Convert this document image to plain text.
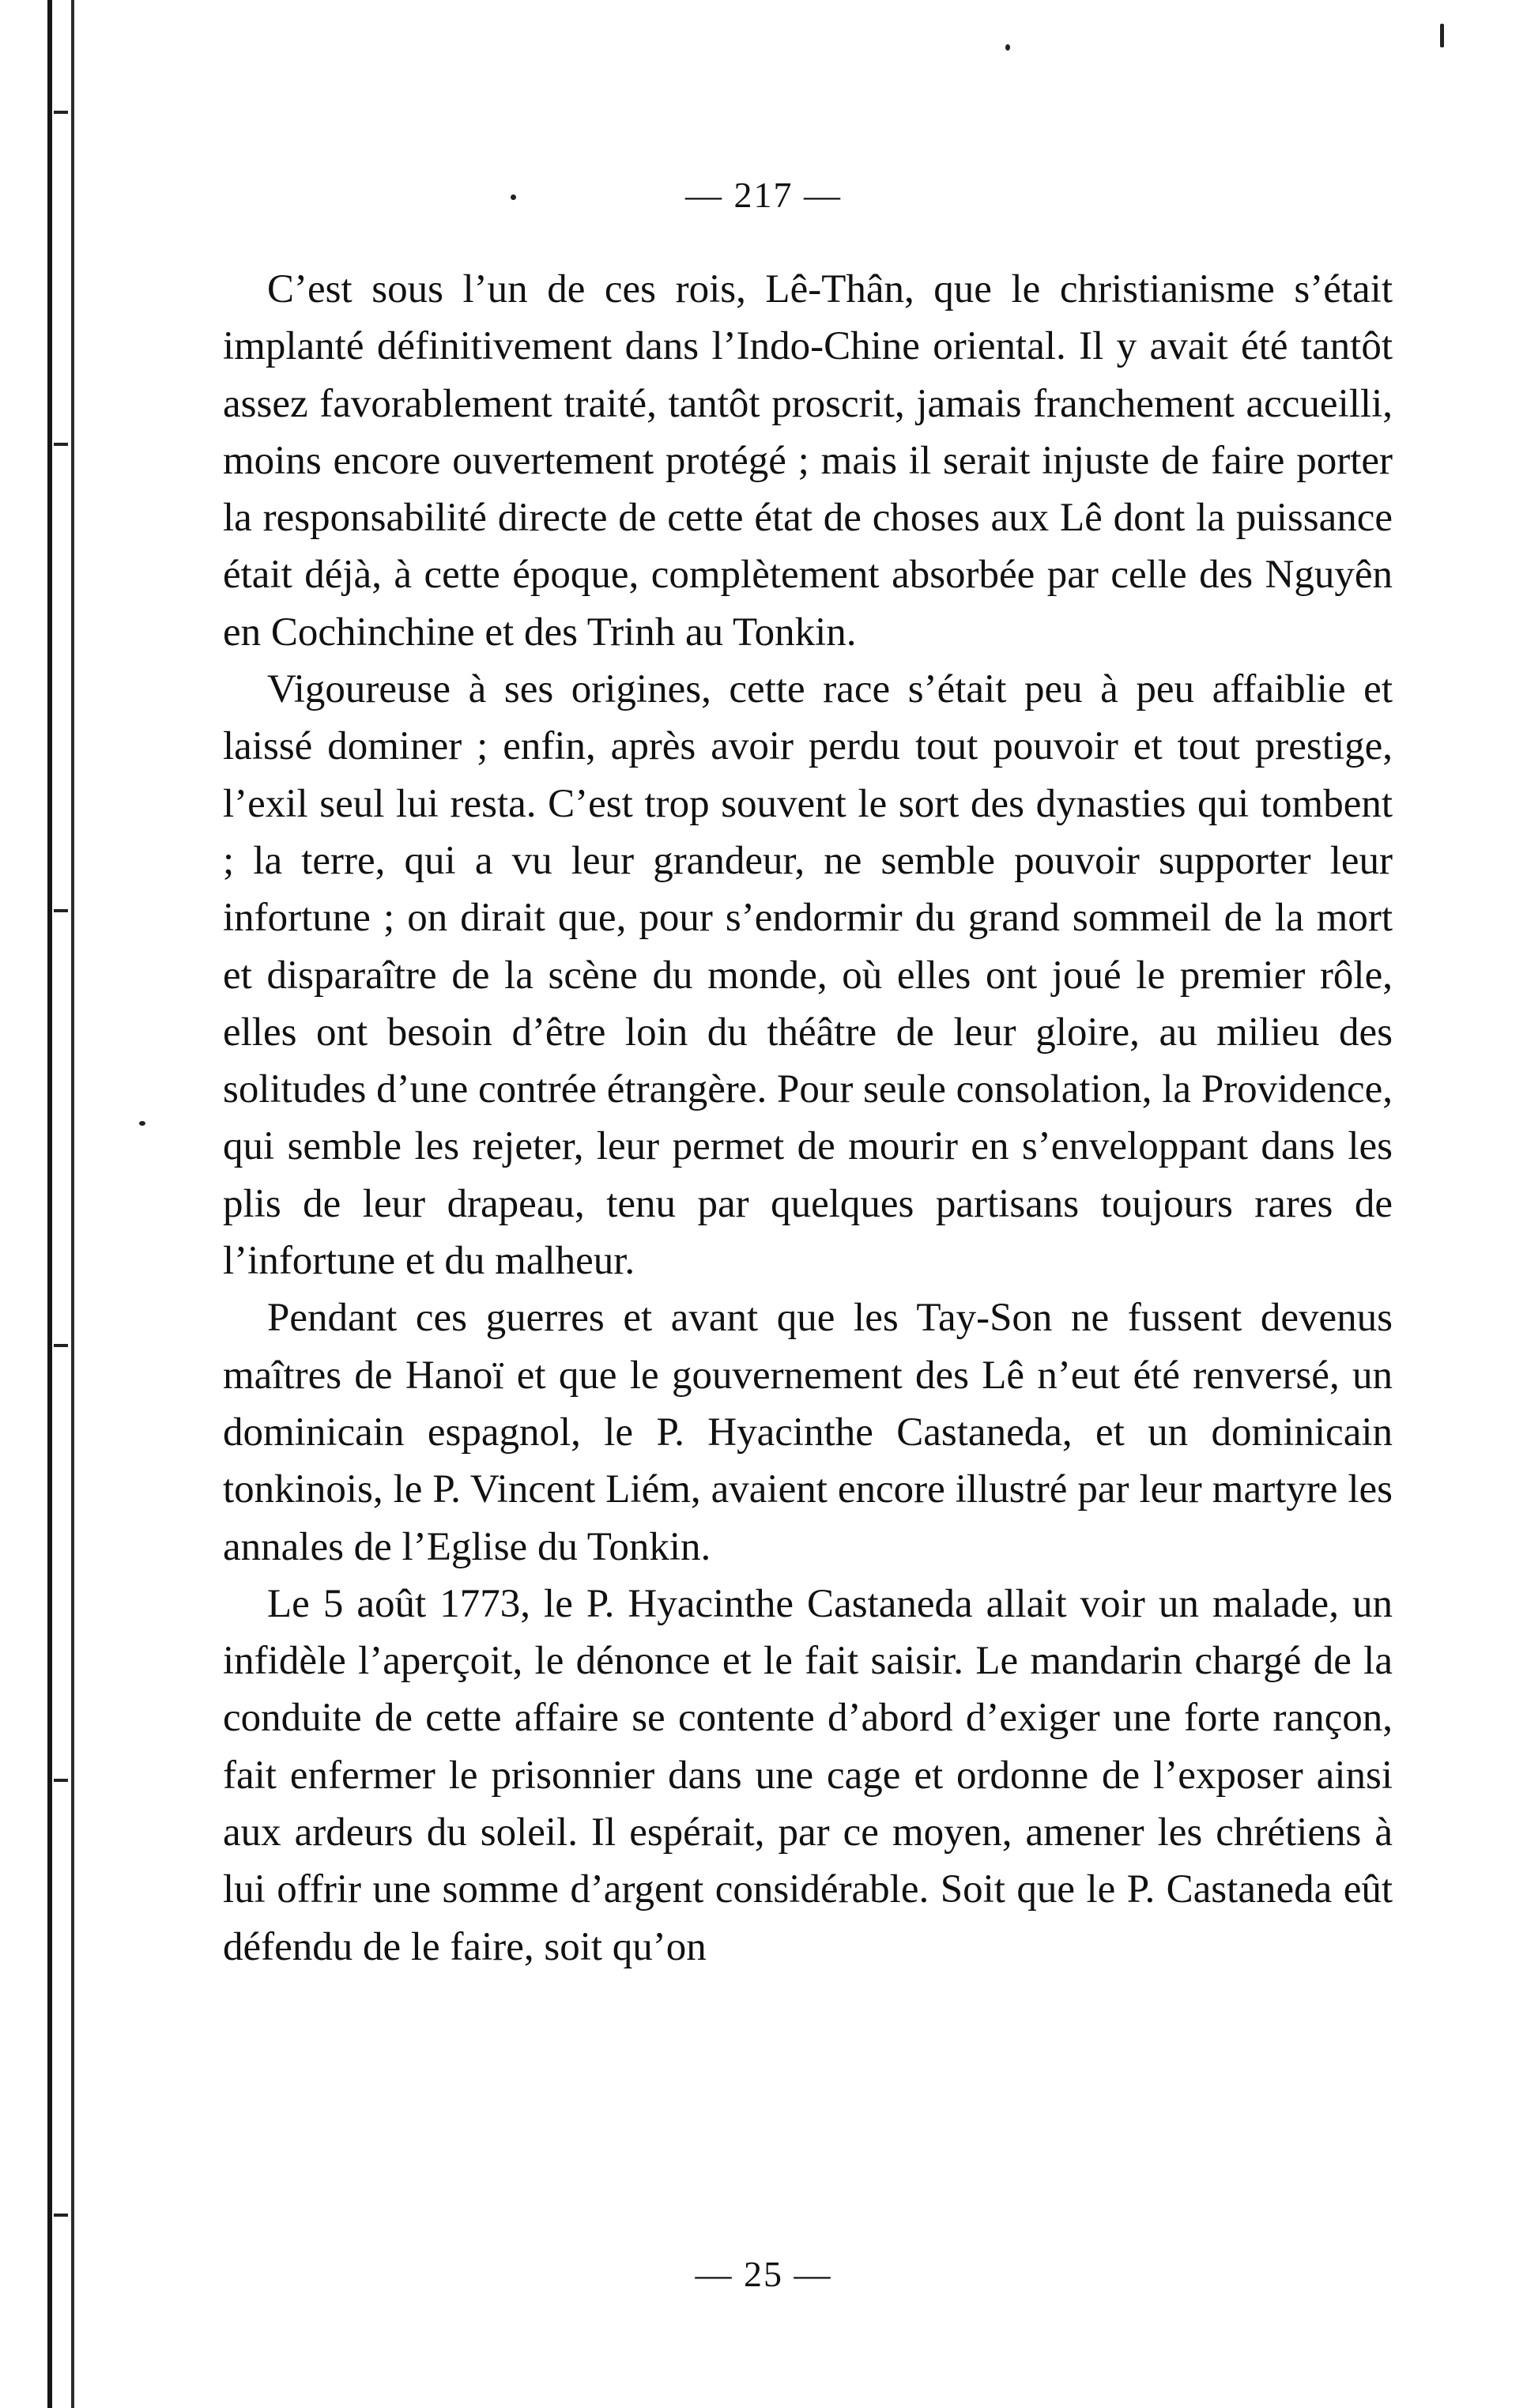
— 217 —

C’est sous l’un de ces rois, Lê-Thân, que le christianisme s’était implanté définitivement dans l’Indo-Chine oriental. Il y avait été tantôt assez favorablement traité, tantôt proscrit, jamais franchement accueilli, moins encore ouvertement protégé ; mais il serait injuste de faire porter la responsabilité directe de cette état de choses aux Lê dont la puissance était déjà, à cette époque, complètement absorbée par celle des Nguyên en Cochinchine et des Trinh au Tonkin.

Vigoureuse à ses origines, cette race s’était peu à peu affaiblie et laissé dominer ; enfin, après avoir perdu tout pouvoir et tout prestige, l’exil seul lui resta. C’est trop souvent le sort des dynasties qui tombent ; la terre, qui a vu leur grandeur, ne semble pouvoir supporter leur infortune ; on dirait que, pour s’endormir du grand sommeil de la mort et disparaître de la scène du monde, où elles ont joué le premier rôle, elles ont besoin d’être loin du théâtre de leur gloire, au milieu des solitudes d’une contrée étrangère. Pour seule consolation, la Providence, qui semble les rejeter, leur permet de mourir en s’enveloppant dans les plis de leur drapeau, tenu par quelques partisans toujours rares de l’infortune et du malheur.

Pendant ces guerres et avant que les Tay-Son ne fussent devenus maîtres de Hanoï et que le gouvernement des Lê n’eut été renversé, un dominicain espagnol, le P. Hyacinthe Castaneda, et un dominicain tonkinois, le P. Vincent Liém, avaient encore illustré par leur martyre les annales de l’Eglise du Tonkin.

Le 5 août 1773, le P. Hyacinthe Castaneda allait voir un malade, un infidèle l’aperçoit, le dénonce et le fait saisir. Le mandarin chargé de la conduite de cette affaire se contente d’abord d’exiger une forte rançon, fait enfermer le prisonnier dans une cage et ordonne de l’exposer ainsi aux ardeurs du soleil. Il espérait, par ce moyen, amener les chrétiens à lui offrir une somme d’argent considérable. Soit que le P. Castaneda eût défendu de le faire, soit qu’on

— 25 —
